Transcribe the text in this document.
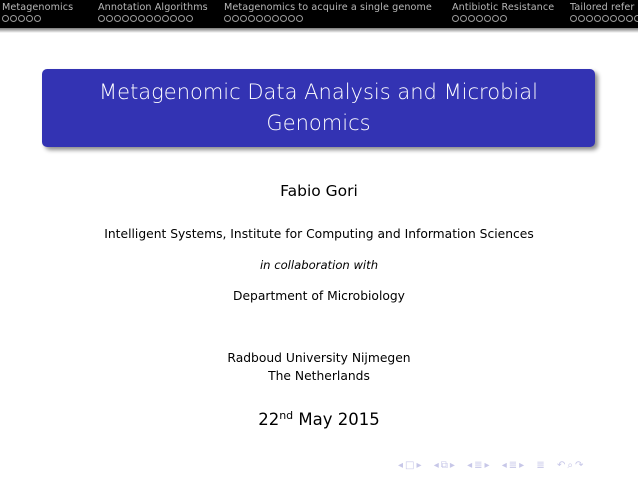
Metagenomics	Annotation Algorithms Metagenomics to acquire a single genome Antibiotic Resistance Tailored refer
Metagenomic Data Analysis and Microbial
Genomics
Fabio Gori
Intelligent Systems, Institute for Computing and Information Sciences
in collaboration with
Department of Microbiology
Radboud University Nijmegen
The Netherlands
22nd May 2015
◂ □ ▸ ◂ ⧉ ▸ ◂ ≣ ▸ ◂ ≣ ▸ ≣ ↶ ⌕ ↷
